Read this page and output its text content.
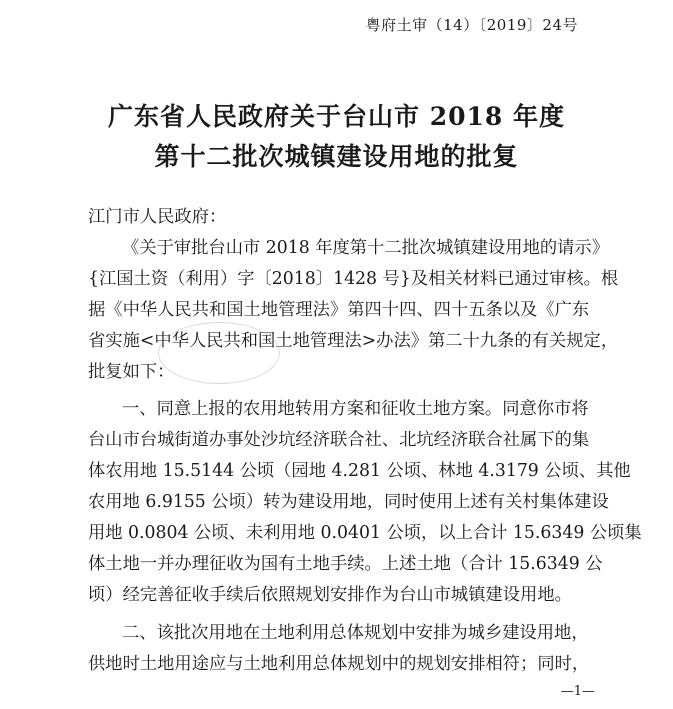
粤府土审（14）〔2019〕24号
广东省人民政府关于台山市 2018 年度
第十二批次城镇建设用地的批复
江门市人民政府：
《关于审批台山市 2018 年度第十二批次城镇建设用地的请示》
{江国土资（利用）字〔2018〕1428 号}及相关材料已通过审核。根
据《中华人民共和国土地管理法》第四十四、四十五条以及《广东
省实施<中华人民共和国土地管理法>办法》第二十九条的有关规定，
批复如下：
一、同意上报的农用地转用方案和征收土地方案。同意你市将
台山市台城街道办事处沙坑经济联合社、北坑经济联合社属下的集
体农用地 15.5144 公顷（园地 4.281 公顷、林地 4.3179 公顷、其他
农用地 6.9155 公顷）转为建设用地，同时使用上述有关村集体建设
用地 0.0804 公顷、未利用地 0.0401 公顷，以上合计 15.6349 公顷集
体土地一并办理征收为国有土地手续。上述土地（合计 15.6349 公
顷）经完善征收手续后依照规划安排作为台山市城镇建设用地。
二、该批次用地在土地利用总体规划中安排为城乡建设用地，
供地时土地用途应与土地利用总体规划中的规划安排相符；同时，
—1—
